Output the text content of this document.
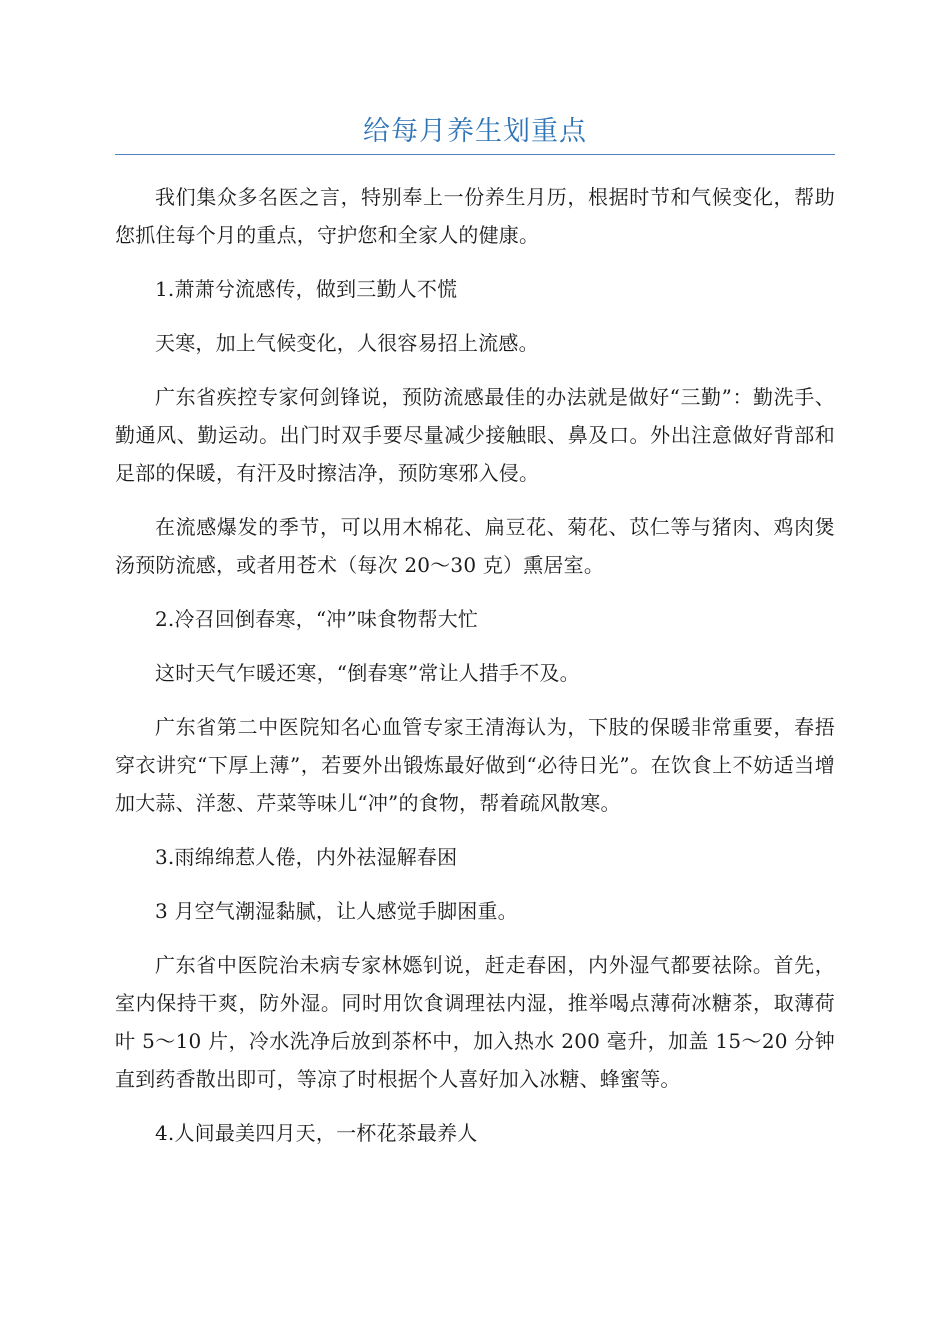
给每月养生划重点

我们集众多名医之言，特别奉上一份养生月历，根据时节和气候变化，帮助您抓住每个月的重点，守护您和全家人的健康。

1.萧萧兮流感传，做到三勤人不慌

天寒，加上气候变化，人很容易招上流感。

广东省疾控专家何剑锋说，预防流感最佳的办法就是做好“三勤”：勤洗手、勤通风、勤运动。出门时双手要尽量减少接触眼、鼻及口。外出注意做好背部和足部的保暖，有汗及时擦洁净，预防寒邪入侵。

在流感爆发的季节，可以用木棉花、扁豆花、菊花、苡仁等与猪肉、鸡肉煲汤预防流感，或者用苍术（每次 20～30 克）熏居室。

2.冷召回倒春寒，“冲”味食物帮大忙

这时天气乍暖还寒，“倒春寒”常让人措手不及。

广东省第二中医院知名心血管专家王清海认为，下肢的保暖非常重要，春捂穿衣讲究“下厚上薄”，若要外出锻炼最好做到“必待日光”。在饮食上不妨适当增加大蒜、洋葱、芹菜等味儿“冲”的食物，帮着疏风散寒。

3.雨绵绵惹人倦，内外祛湿解春困

3 月空气潮湿黏腻，让人感觉手脚困重。

广东省中医院治未病专家林嫕钊说，赶走春困，内外湿气都要祛除。首先，室内保持干爽，防外湿。同时用饮食调理祛内湿，推举喝点薄荷冰糖茶，取薄荷叶 5～10 片，冷水洗净后放到茶杯中，加入热水 200 毫升，加盖 15～20 分钟直到药香散出即可，等凉了时根据个人喜好加入冰糖、蜂蜜等。

4.人间最美四月天，一杯花茶最养人
